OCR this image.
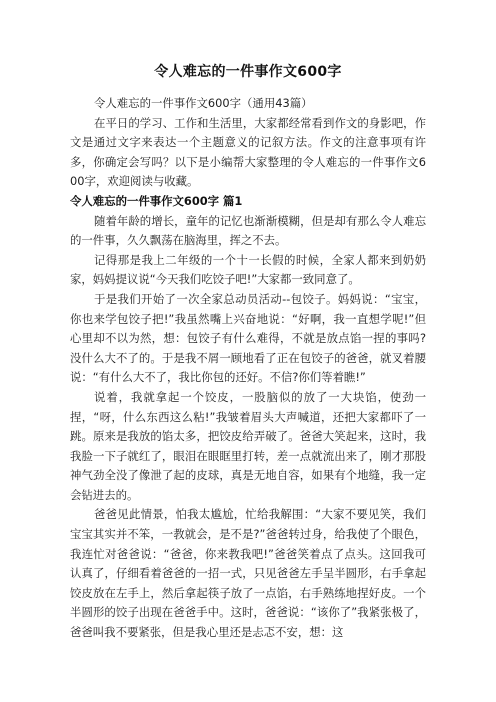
令人难忘的一件事作文600字

令人难忘的一件事作文600字（通用43篇）

在平日的学习、工作和生活里，大家都经常看到作文的身影吧，作文是通过文字来表达一个主题意义的记叙方法。作文的注意事项有许多，你确定会写吗？以下是小编帮大家整理的令人难忘的一件事作文600字，欢迎阅读与收藏。

令人难忘的一件事作文600字 篇1

随着年龄的增长，童年的记忆也渐渐模糊，但是却有那么令人难忘的一件事，久久飘荡在脑海里，挥之不去。

记得那是我上二年级的一个十一长假的时候，全家人都来到奶奶家，妈妈提议说“今天我们吃饺子吧!”大家都一致同意了。

于是我们开始了一次全家总动员活动--包饺子。妈妈说：“宝宝，你也来学包饺子把!”我虽然嘴上兴奋地说：“好啊，我一直想学呢!”但心里却不以为然，想：包饺子有什么难得，不就是放点馅一捏的事吗?没什么大不了的。于是我不屑一顾地看了正在包饺子的爸爸，就叉着腰说：“有什么大不了，我比你包的还好。不信?你们等着瞧!”

说着，我就拿起一个饺皮，一股脑似的放了一大块馅，使劲一捏，“呀，什么东西这么粘!”我皱着眉头大声喊道，还把大家都吓了一跳。原来是我放的馅太多，把饺皮给弄破了。爸爸大笑起来，这时，我我脸一下子就红了，眼泪在眼眶里打转，差一点就流出来了，刚才那股神气劲全没了像泄了起的皮球，真是无地自容，如果有个地缝，我一定会钻进去的。

爸爸见此情景，怕我太尴尬，忙给我解围：“大家不要见笑，我们宝宝其实并不笨，一教就会，是不是?”爸爸转过身，给我使了个眼色，我连忙对爸爸说：“爸爸，你来教我吧!”爸爸笑着点了点头。这回我可认真了，仔细看着爸爸的一招一式，只见爸爸左手呈半圆形，右手拿起饺皮放在左手上，然后拿起筷子放了一点馅，右手熟练地捏好皮。一个半圆形的饺子出现在爸爸手中。这时，爸爸说：“该你了”我紧张极了，爸爸叫我不要紧张，但是我心里还是忐忑不安，想：这
